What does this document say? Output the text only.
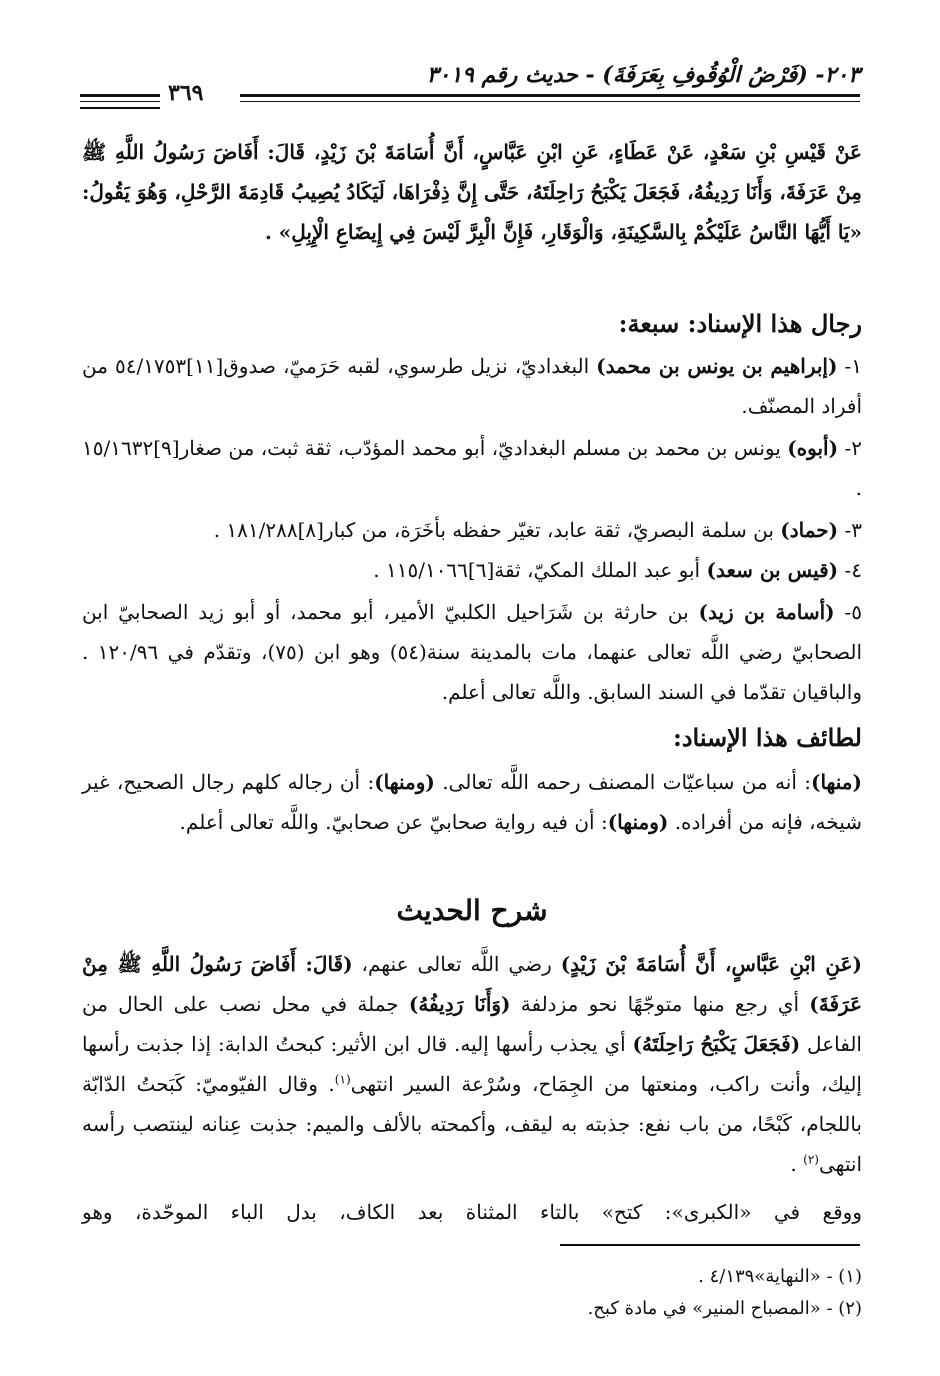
٢٠٣- (فَرْضُ الْوُقُوفِ بِعَرَفَةَ) - حديث رقم ٣٠١٩
٣٦٩
عَنْ قَيْسِ بْنِ سَعْدٍ، عَنْ عَطَاءٍ، عَنِ ابْنِ عَبَّاسٍ، أَنَّ أُسَامَةَ بْنَ زَيْدٍ، قَالَ: أَفَاضَ رَسُولُ اللَّهِ ﷺ مِنْ عَرَفَةَ، وَأَنَا رَدِيفُهُ، فَجَعَلَ يَكْبَحُ رَاحِلَتَهُ، حَتَّى إِنَّ ذِفْرَاهَا، لَيَكَادُ يُصِيبُ قَادِمَةَ الرَّحْلِ، وَهُوَ يَقُولُ: «يَا أَيُّهَا النَّاسُ عَلَيْكُمْ بِالسَّكِينَةِ، وَالْوَقَارِ، فَإِنَّ الْبِرَّ لَيْسَ فِي إِيضَاعِ الْإِبِلِ» .
رجال هذا الإسناد: سبعة:
١- (إبراهيم بن يونس بن محمد) البغداديّ، نزيل طرسوي، لقبه حَرَميّ، صدوق[١١]٥٤/١٧٥٣ من أفراد المصنّف.
٢- (أبوه) يونس بن محمد بن مسلم البغداديّ، أبو محمد المؤدّب، ثقة ثبت، من صغار[٩]١٥/١٦٣٢ .
٣- (حماد) بن سلمة البصريّ، ثقة عابد، تغيّر حفظه بأخَرَة، من كبار[٨]١٨١/٢٨٨ .
٤- (قيس بن سعد) أبو عبد الملك المكيّ، ثقة[٦]١١٥/١٠٦٦ .
٥- (أسامة بن زيد) بن حارثة بن شَرَاحيل الكلبيّ الأمير، أبو محمد، أو أبو زيد الصحابيّ ابن الصحابيّ رضي اللَّه تعالى عنهما، مات بالمدينة سنة(٥٤) وهو ابن (٧٥)، وتقدّم في ١٢٠/٩٦ . والباقيان تقدّما في السند السابق. واللَّه تعالى أعلم.
لطائف هذا الإسناد:
(منها): أنه من سباعيّات المصنف رحمه اللَّه تعالى. (ومنها): أن رجاله كلهم رجال الصحيح، غير شيخه، فإنه من أفراده. (ومنها): أن فيه رواية صحابيّ عن صحابيّ. واللَّه تعالى أعلم.
شرح الحديث
(عَنِ ابْنِ عَبَّاسٍ، أَنَّ أُسَامَةَ بْنَ زَيْدٍ) رضي اللَّه تعالى عنهم، (قَالَ: أَفَاضَ رَسُولُ اللَّهِ ﷺ مِنْ عَرَفَةَ) أي رجع منها متوجّهًا نحو مزدلفة (وَأَنَا رَدِيفُهُ) جملة في محل نصب على الحال من الفاعل (فَجَعَلَ يَكْبَحُ رَاحِلَتَهُ) أي يجذب رأسها إليه. قال ابن الأثير: كبحتُ الدابة: إذا جذبت رأسها إليك، وأنت راكب، ومنعتها من الجِمَاح، وسُرْعة السير انتهى$^{(١)}$. وقال الفيّوميّ: كَبَحتُ الدّابّة باللجام، كَبْحًا، من باب نفع: جذبته به ليقف، وأكمحته بالألف والميم: جذبت عِنانه لينتصب رأسه انتهى$^{(٢)}$ .
ووقع في «الكبرى»: كتح» بالتاء المثناة بعد الكاف، بدل الباء الموحّدة، وهو
(١) - «النهاية»٤/١٣٩ .
(٢) - «المصباح المنير» في مادة كبح.
